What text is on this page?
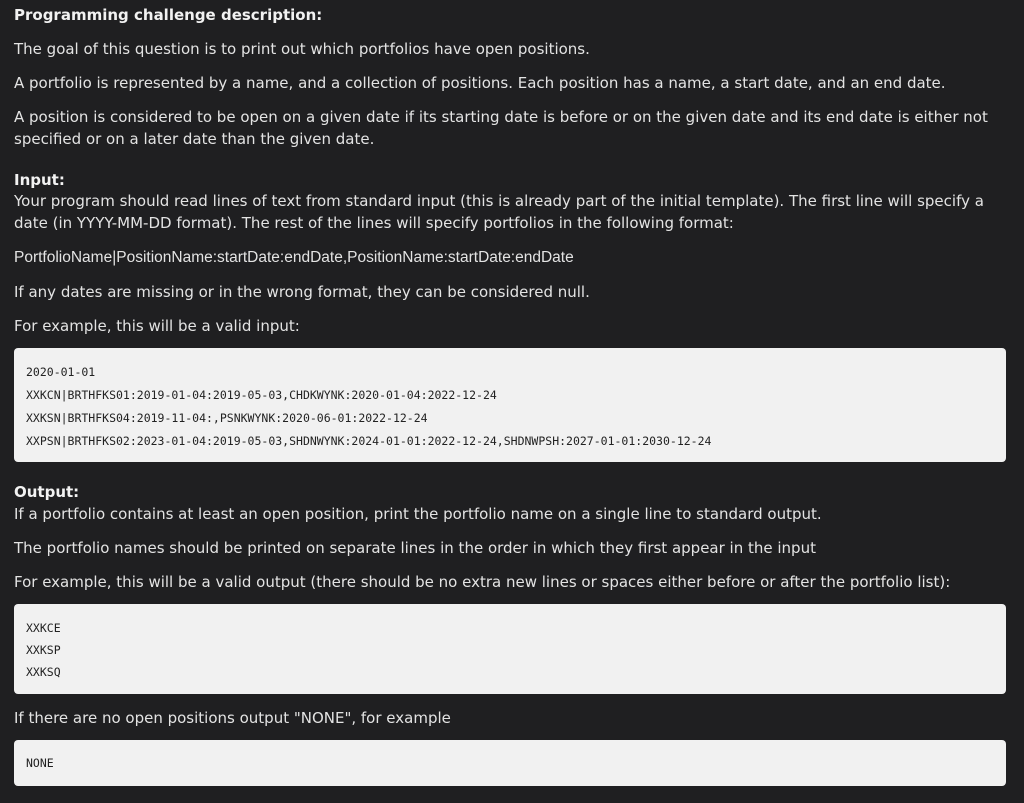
Programming challenge description:
The goal of this question is to print out which portfolios have open positions.
A portfolio is represented by a name, and a collection of positions. Each position has a name, a start date, and an end date.
A position is considered to be open on a given date if its starting date is before or on the given date and its end date is either not specified or on a later date than the given date.
Input:
Your program should read lines of text from standard input (this is already part of the initial template). The first line will specify a date (in YYYY-MM-DD format). The rest of the lines will specify portfolios in the following format:
PortfolioName|PositionName:startDate:endDate,PositionName:startDate:endDate
If any dates are missing or in the wrong format, they can be considered null.
For example, this will be a valid input:
2020-01-01
XXKCN|BRTHFKS01:2019-01-04:2019-05-03,CHDKWYNK:2020-01-04:2022-12-24
XXKSN|BRTHFKS04:2019-11-04:,PSNKWYNK:2020-06-01:2022-12-24
XXPSN|BRTHFKS02:2023-01-04:2019-05-03,SHDNWYNK:2024-01-01:2022-12-24,SHDNWPSH:2027-01-01:2030-12-24
Output:
If a portfolio contains at least an open position, print the portfolio name on a single line to standard output.
The portfolio names should be printed on separate lines in the order in which they first appear in the input
For example, this will be a valid output (there should be no extra new lines or spaces either before or after the portfolio list):
XXKCE
XXKSP
XXKSQ
If there are no open positions output "NONE", for example
NONE
